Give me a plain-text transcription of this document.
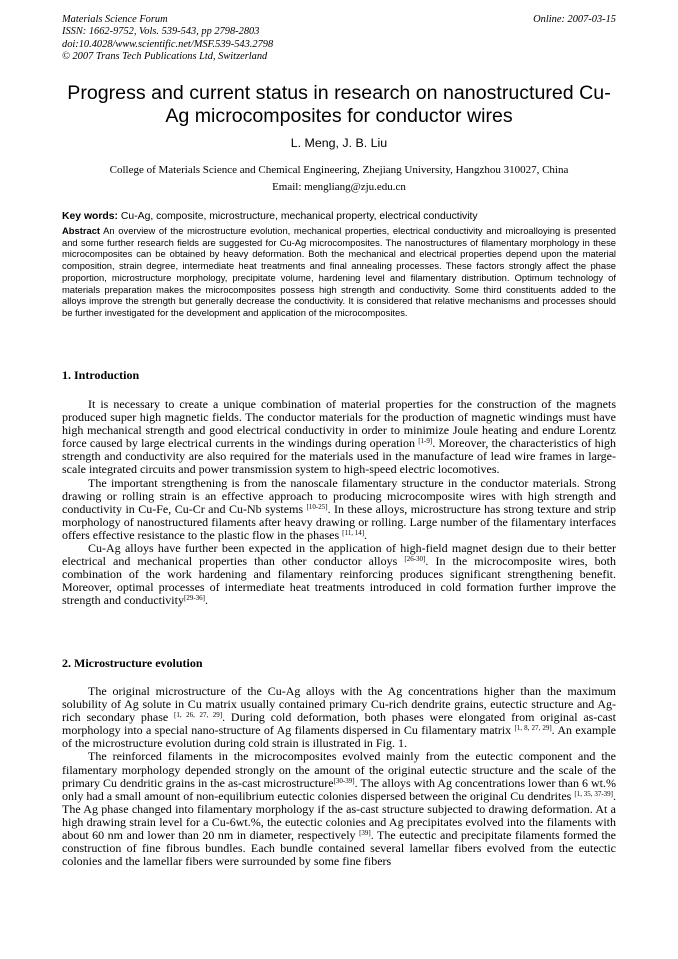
Materials Science Forum
ISSN: 1662-9752, Vols. 539-543, pp 2798-2803
doi:10.4028/www.scientific.net/MSF.539-543.2798
© 2007 Trans Tech Publications Ltd, Switzerland
Online: 2007-03-15
Progress and current status in research on nanostructured Cu-Ag microcomposites for conductor wires
L. Meng, J. B. Liu
College of Materials Science and Chemical Engineering, Zhejiang University, Hangzhou 310027, China
Email: mengliang@zju.edu.cn
Key words: Cu-Ag, composite, microstructure, mechanical property, electrical conductivity
Abstract An overview of the microstructure evolution, mechanical properties, electrical conductivity and microalloying is presented and some further research fields are suggested for Cu-Ag microcomposites. The nanostructures of filamentary morphology in these microcomposites can be obtained by heavy deformation. Both the mechanical and electrical properties depend upon the material composition, strain degree, intermediate heat treatments and final annealing processes. These factors strongly affect the phase proportion, microstructure morphology, precipitate volume, hardening level and filamentary distribution. Optimum technology of materials preparation makes the microcomposites possess high strength and conductivity. Some third constituents added to the alloys improve the strength but generally decrease the conductivity. It is considered that relative mechanisms and processes should be further investigated for the development and application of the microcomposites.
1. Introduction

It is necessary to create a unique combination of material properties for the construction of the magnets produced super high magnetic fields. The conductor materials for the production of magnetic windings must have high mechanical strength and good electrical conductivity in order to minimize Joule heating and endure Lorentz force caused by large electrical currents in the windings during operation [1-9]. Moreover, the characteristics of high strength and conductivity are also required for the materials used in the manufacture of lead wire frames in large-scale integrated circuits and power transmission system to high-speed electric locomotives.

The important strengthening is from the nanoscale filamentary structure in the conductor materials. Strong drawing or rolling strain is an effective approach to producing microcomposite wires with high strength and conductivity in Cu-Fe, Cu-Cr and Cu-Nb systems [10-25]. In these alloys, microstructure has strong texture and strip morphology of nanostructured filaments after heavy drawing or rolling. Large number of the filamentary interfaces offers effective resistance to the plastic flow in the phases [11, 14].

Cu-Ag alloys have further been expected in the application of high-field magnet design due to their better electrical and mechanical properties than other conductor alloys [26-30]. In the microcomposite wires, both combination of the work hardening and filamentary reinforcing produces significant strengthening benefit. Moreover, optimal processes of intermediate heat treatments introduced in cold formation further improve the strength and conductivity[29-36].

2. Microstructure evolution

The original microstructure of the Cu-Ag alloys with the Ag concentrations higher than the maximum solubility of Ag solute in Cu matrix usually contained primary Cu-rich dendrite grains, eutectic structure and Ag-rich secondary phase [1, 26, 27, 29]. During cold deformation, both phases were elongated from original as-cast morphology into a special nano-structure of Ag filaments dispersed in Cu filamentary matrix [1, 8, 27, 29]. An example of the microstructure evolution during cold strain is illustrated in Fig. 1.

The reinforced filaments in the microcomposites evolved mainly from the eutectic component and the filamentary morphology depended strongly on the amount of the original eutectic structure and the scale of the primary Cu dendritic grains in the as-cast microstructure[30-39]. The alloys with Ag concentrations lower than 6 wt.% only had a small amount of non-equilibrium eutectic colonies dispersed between the original Cu dendrites [1, 35, 37-39]. The Ag phase changed into filamentary morphology if the as-cast structure subjected to drawing deformation. At a high drawing strain level for a Cu-6wt.%, the eutectic colonies and Ag precipitates evolved into the filaments with about 60 nm and lower than 20 nm in diameter, respectively [39]. The eutectic and precipitate filaments formed the construction of fine fibrous bundles. Each bundle contained several lamellar fibers evolved from the eutectic colonies and the lamellar fibers were surrounded by some fine fibers
